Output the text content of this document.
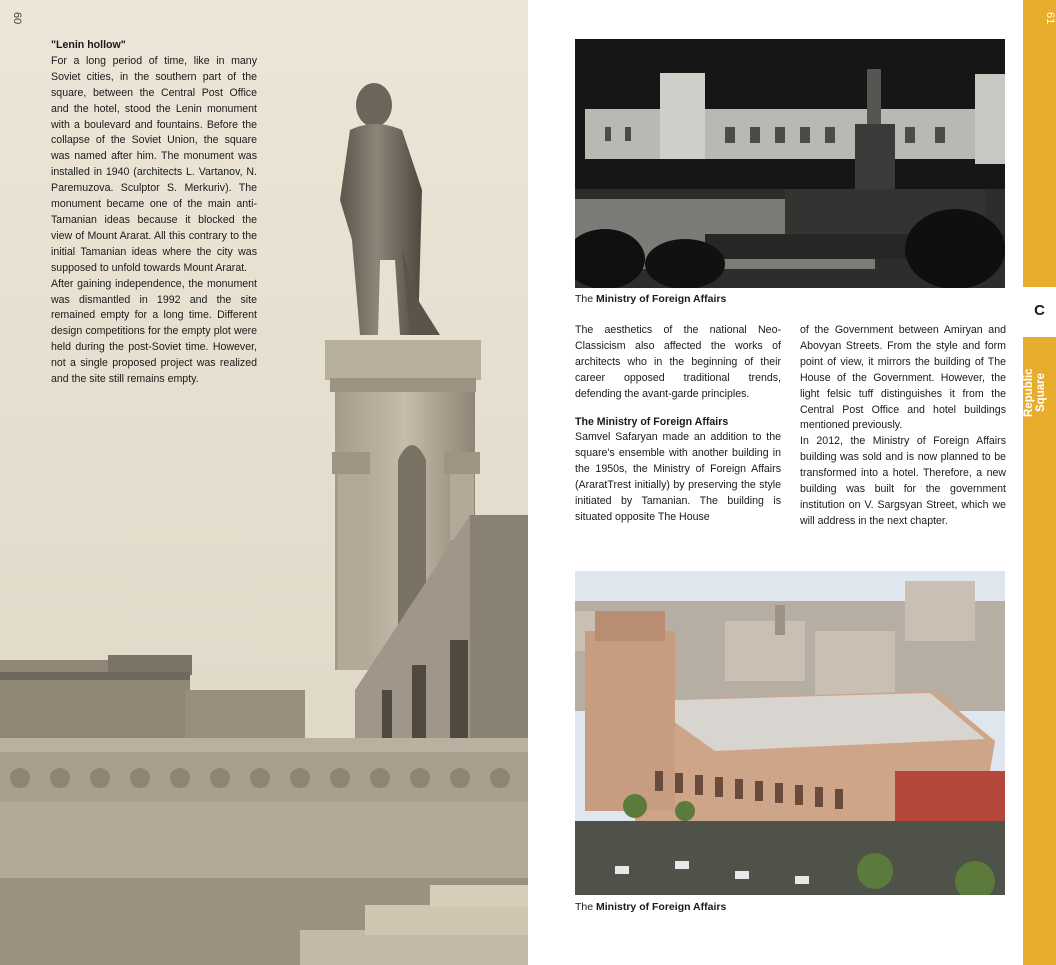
60
"Lenin hollow"

For a long period of time, like in many Soviet cities, in the southern part of the square, between the Central Post Office and the hotel, stood the Lenin monument with a boulevard and fountains. Before the collapse of the Soviet Union, the square was named after him. The monument was installed in 1940 (architects L. Vartanov, N. Paremuzova. Sculptor S. Merkuriv). The monument became one of the main anti-Tamanian ideas because it blocked the view of Mount Ararat. All this contrary to the initial Tamanian ideas where the city was supposed to unfold towards Mount Ararat.

After gaining independence, the monument was dismantled in 1992 and the site remained empty for a long time. Different design competitions for the empty plot were held during the post-Soviet time. However, not a single proposed project was realized and the site still remains empty.

The Ministry of Foreign Affairs

The aesthetics of the national Neo-Classicism also affected the works of architects who in the beginning of their career opposed traditional trends, defending the avant-garde principles.

The Ministry of Foreign Affairs

Samvel Safaryan made an addition to the square's ensemble with another building in the 1950s, the Ministry of Foreign Affairs (AraratTrest initially) by preserving the style initiated by Tamanian. The building is situated opposite The House

of the Government between Amiryan and Abovyan Streets. From the style and form point of view, it mirrors the building of The House of the Government. However, the light felsic tuff distinguishes it from the Central Post Office and hotel buildings mentioned previously.

In 2012, the Ministry of Foreign Affairs building was sold and is now planned to be transformed into a hotel. Therefore, a new building was built for the government institution on V. Sargsyan Street, which we will address in the next chapter.

The Ministry of Foreign Affairs
61
C
Republic Square
